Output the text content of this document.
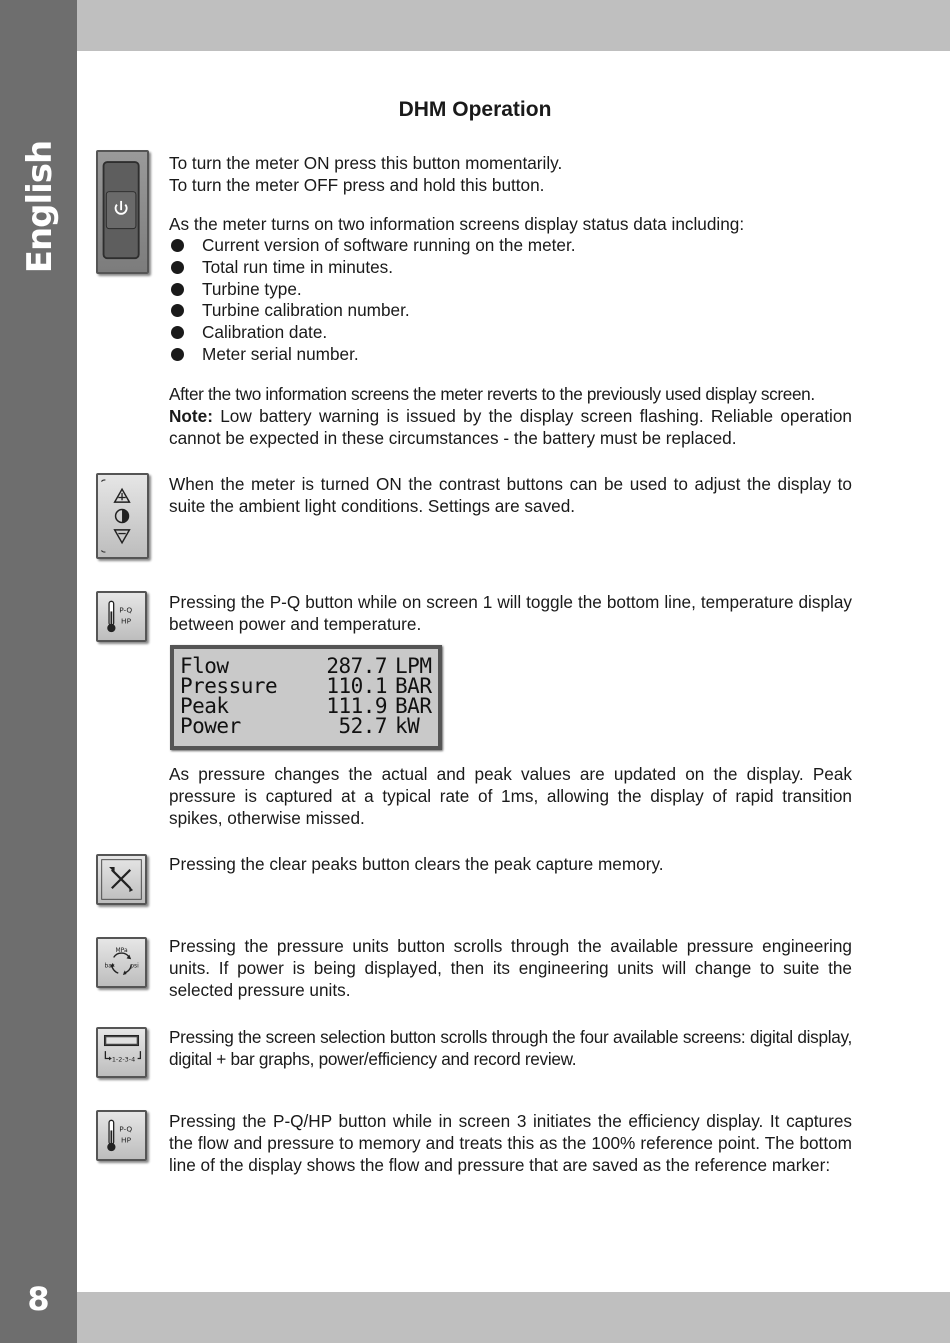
English
8
DHM Operation

To turn the meter ON press this button momentarily.

To turn the meter OFF press and hold this button.

As the meter turns on two information screens display status data including:

Current version of software running on the meter.
Total run time in minutes.
Turbine type.
Turbine calibration number.
Calibration date.
Meter serial number.

After the two information screens the meter reverts to the previously used display screen.

Note: Low battery warning is issued by the display screen flashing. Reliable operation cannot be expected in these circumstances - the battery must be replaced.

When the meter is turned ON the contrast buttons can be used to adjust the display to suite the ambient light conditions. Settings are saved.

P-Q
HP

Pressing the P-Q button while on screen 1 will toggle the bottom line, temperature display between power and temperature.

Flow	287.7 LPM
Pressure	110.1 BAR
Peak	111.9 BAR
Power	52.7 kW

As pressure changes the actual and peak values are updated on the display. Peak pressure is captured at a typical rate of 1ms, allowing the display of rapid transition spikes, otherwise missed.

Pressing the clear peaks button clears the peak capture memory.

MPa
bar psi

Pressing the pressure units button scrolls through the available pressure engineering units. If power is being displayed, then its engineering units will change to suite the selected pressure units.

1-2-3-4

Pressing the screen selection button scrolls through the four available screens: digital display, digital + bar graphs, power/efficiency and record review.

P-Q
HP

Pressing the P-Q/HP button while in screen 3 initiates the efficiency display. It captures the flow and pressure to memory and treats this as the 100% reference point. The bottom line of the display shows the flow and pressure that are saved as the reference marker:
